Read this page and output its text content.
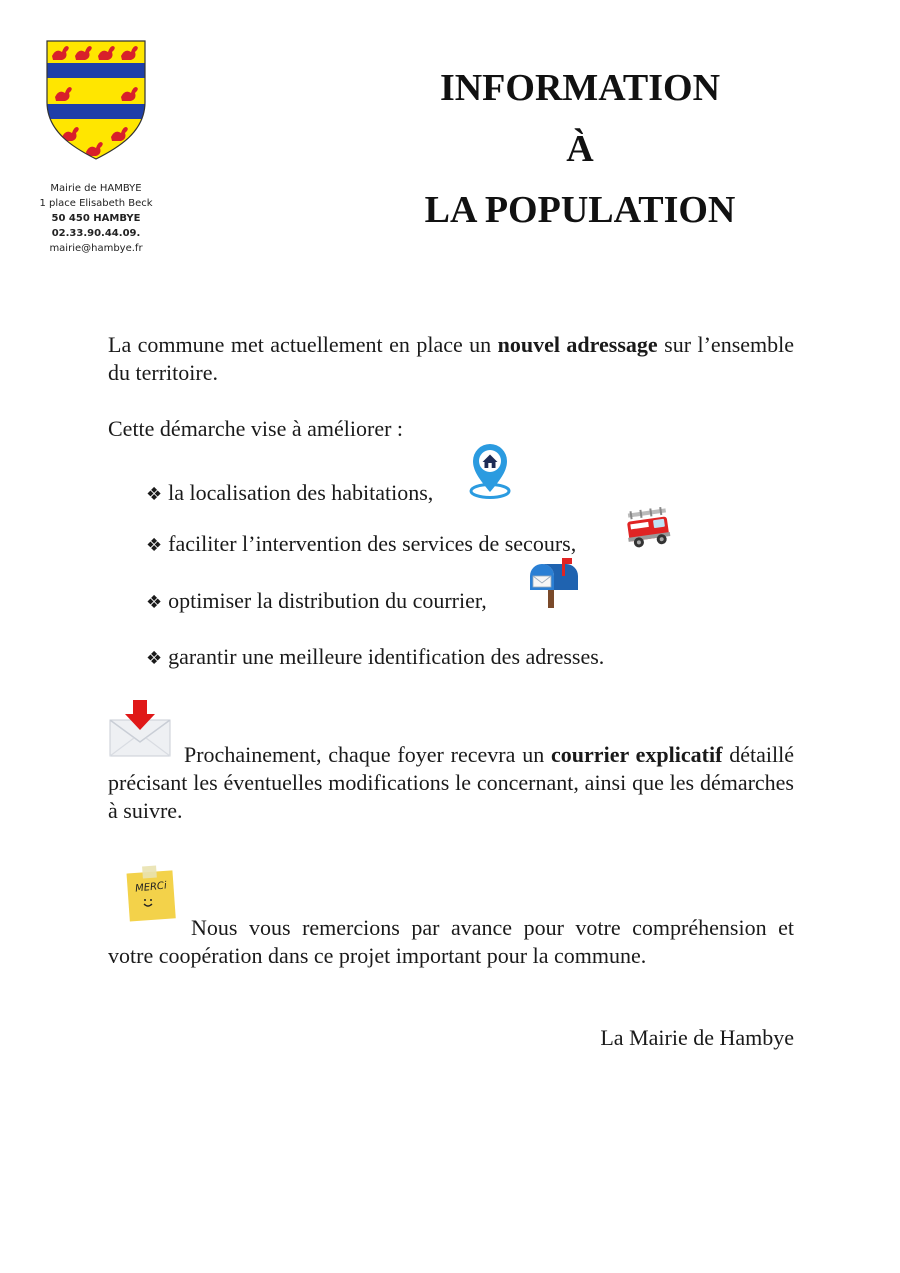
Mairie de HAMBYE
1 place Elisabeth Beck
50 450 HAMBYE
02.33.90.44.09.
mairie@hambye.fr
INFORMATION
À
LA POPULATION
La commune met actuellement en place un nouvel adressage sur l’ensemble du territoire.
Cette démarche vise à améliorer :
❖ la localisation des habitations,
❖ faciliter l’intervention des services de secours,
❖ optimiser la distribution du courrier,
❖ garantir une meilleure identification des adresses.
Prochainement, chaque foyer recevra un courrier explicatif détaillé précisant les éventuelles modifications le concernant, ainsi que les démarches à suivre.
MERCi
Nous vous remercions par avance pour votre compréhension et votre coopération dans ce projet important pour la commune.
La Mairie de Hambye
